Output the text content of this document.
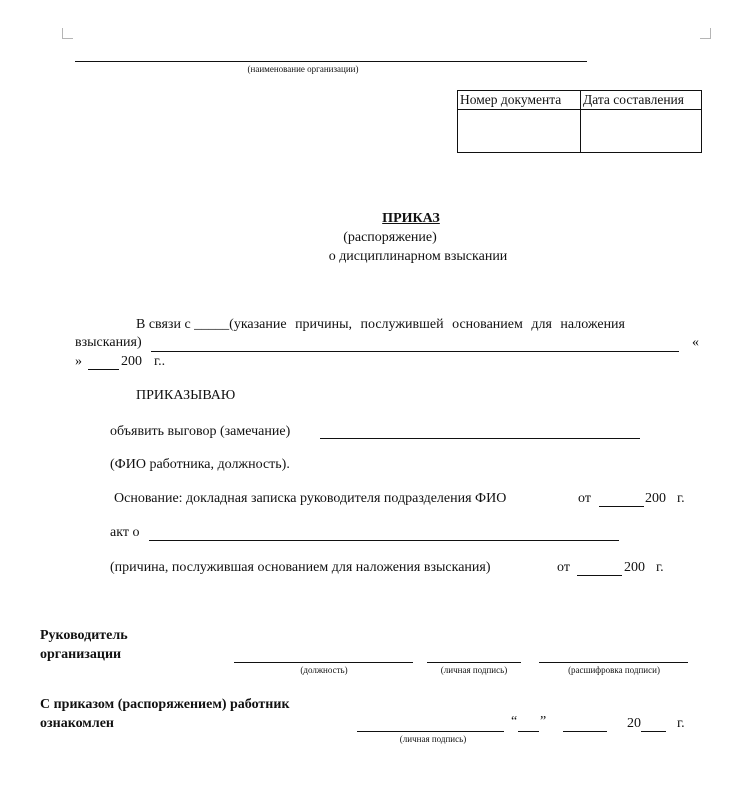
(наименование организации)
Номер документа	Дата составления

ПРИКАЗ
(распоряжение)
о дисциплинарном взыскании
В связи с _____(указание причины, послужившей основанием для наложения
взыскания)	«
»	200 г..
ПРИКАЗЫВАЮ
объявить выговор (замечание)
(ФИО работника, должность).
Основание: докладная записка руководителя подразделения ФИО	от	200 г.
акт о
(причина, послужившая основанием для наложения взыскания)	от	200 г.
Руководитель
организации
(должность)	(личная подпись)	(расшифровка подписи)
С приказом (распоряжением) работник
ознакомлен
(личная подпись)
“ ”	20	г.
